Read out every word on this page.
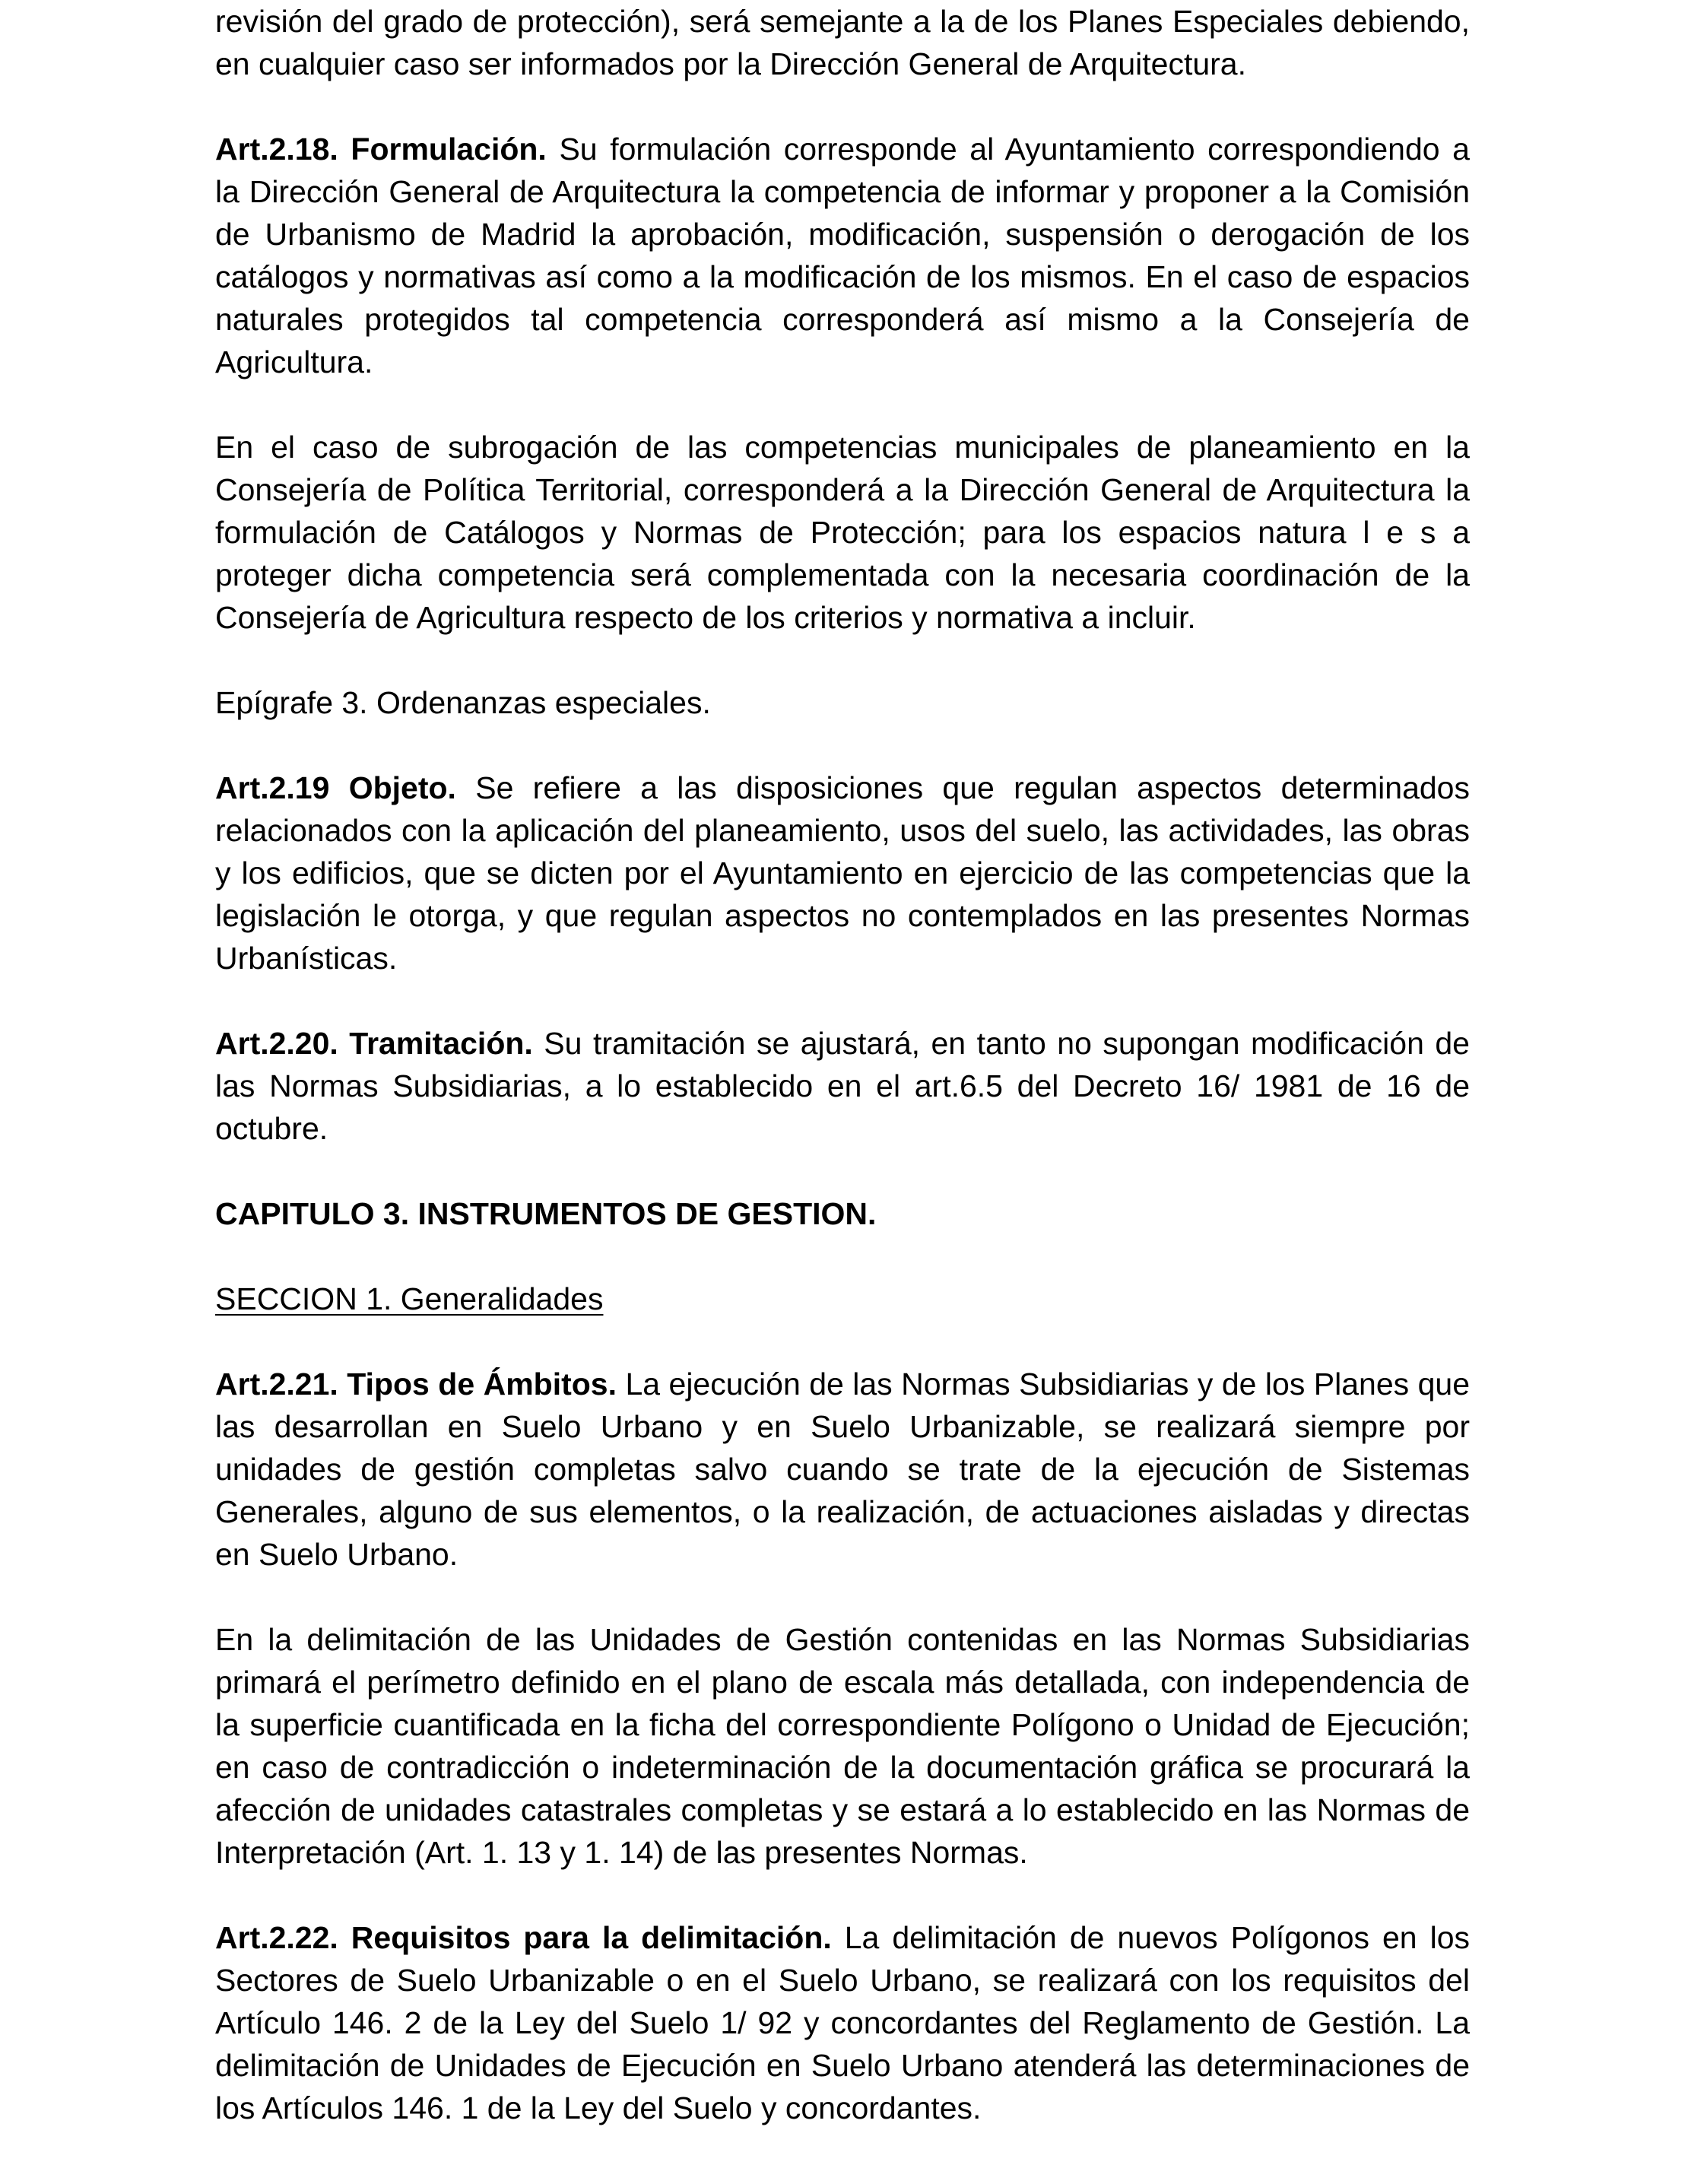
revisión del grado de protección), será semejante a la de los Planes Especiales debiendo, en cualquier caso ser informados por la Dirección General de Arquitectura.

Art.2.18. Formulación. Su formulación corresponde al Ayuntamiento correspondiendo a la Dirección General de Arquitectura la competencia de informar y proponer a la Comisión de Urbanismo de Madrid la aprobación, modificación, suspensión o derogación de los catálogos y normativas así como a la modificación de los mismos. En el caso de espacios naturales protegidos tal competencia corresponderá así mismo a la Consejería de Agricultura.

En el caso de subrogación de las competencias municipales de planeamiento en la Consejería de Política Territorial, corresponderá a la Dirección General de Arquitectura la formulación de Catálogos y Normas de Protección; para los espacios natura l e s a proteger dicha competencia será complementada con la necesaria coordinación de la Consejería de Agricultura respecto de los criterios y normativa a incluir.

Epígrafe 3. Ordenanzas especiales.

Art.2.19 Objeto. Se refiere a las disposiciones que regulan aspectos determinados relacionados con la aplicación del planeamiento, usos del suelo, las actividades, las obras y los edificios, que se dicten por el Ayuntamiento en ejercicio de las competencias que la legislación le otorga, y que regulan aspectos no contemplados en las presentes Normas Urbanísticas.

Art.2.20. Tramitación. Su tramitación se ajustará, en tanto no supongan modificación de las Normas Subsidiarias, a lo establecido en el art.6.5 del Decreto 16/ 1981 de 16 de octubre.

CAPITULO 3. INSTRUMENTOS DE GESTION.

SECCION 1. Generalidades

Art.2.21. Tipos de Ámbitos. La ejecución de las Normas Subsidiarias y de los Planes que las desarrollan en Suelo Urbano y en Suelo Urbanizable, se realizará siempre por unidades de gestión completas salvo cuando se trate de la ejecución de Sistemas Generales, alguno de sus elementos, o la realización, de actuaciones aisladas y directas en Suelo Urbano.

En la delimitación de las Unidades de Gestión contenidas en las Normas Subsidiarias primará el perímetro definido en el plano de escala más detallada, con independencia de la superficie cuantificada en la ficha del correspondiente Polígono o Unidad de Ejecución; en caso de contradicción o indeterminación de la documentación gráfica se procurará la afección de unidades catastrales completas y se estará a lo establecido en las Normas de Interpretación (Art. 1. 13 y 1. 14) de las presentes Normas.

Art.2.22. Requisitos para la delimitación. La delimitación de nuevos Polígonos en los Sectores de Suelo Urbanizable o en el Suelo Urbano, se realizará con los requisitos del Artículo 146. 2 de la Ley del Suelo 1/ 92 y concordantes del Reglamento de Gestión. La delimitación de Unidades de Ejecución en Suelo Urbano atenderá las determinaciones de los Artículos 146. 1 de la Ley del Suelo y concordantes.
